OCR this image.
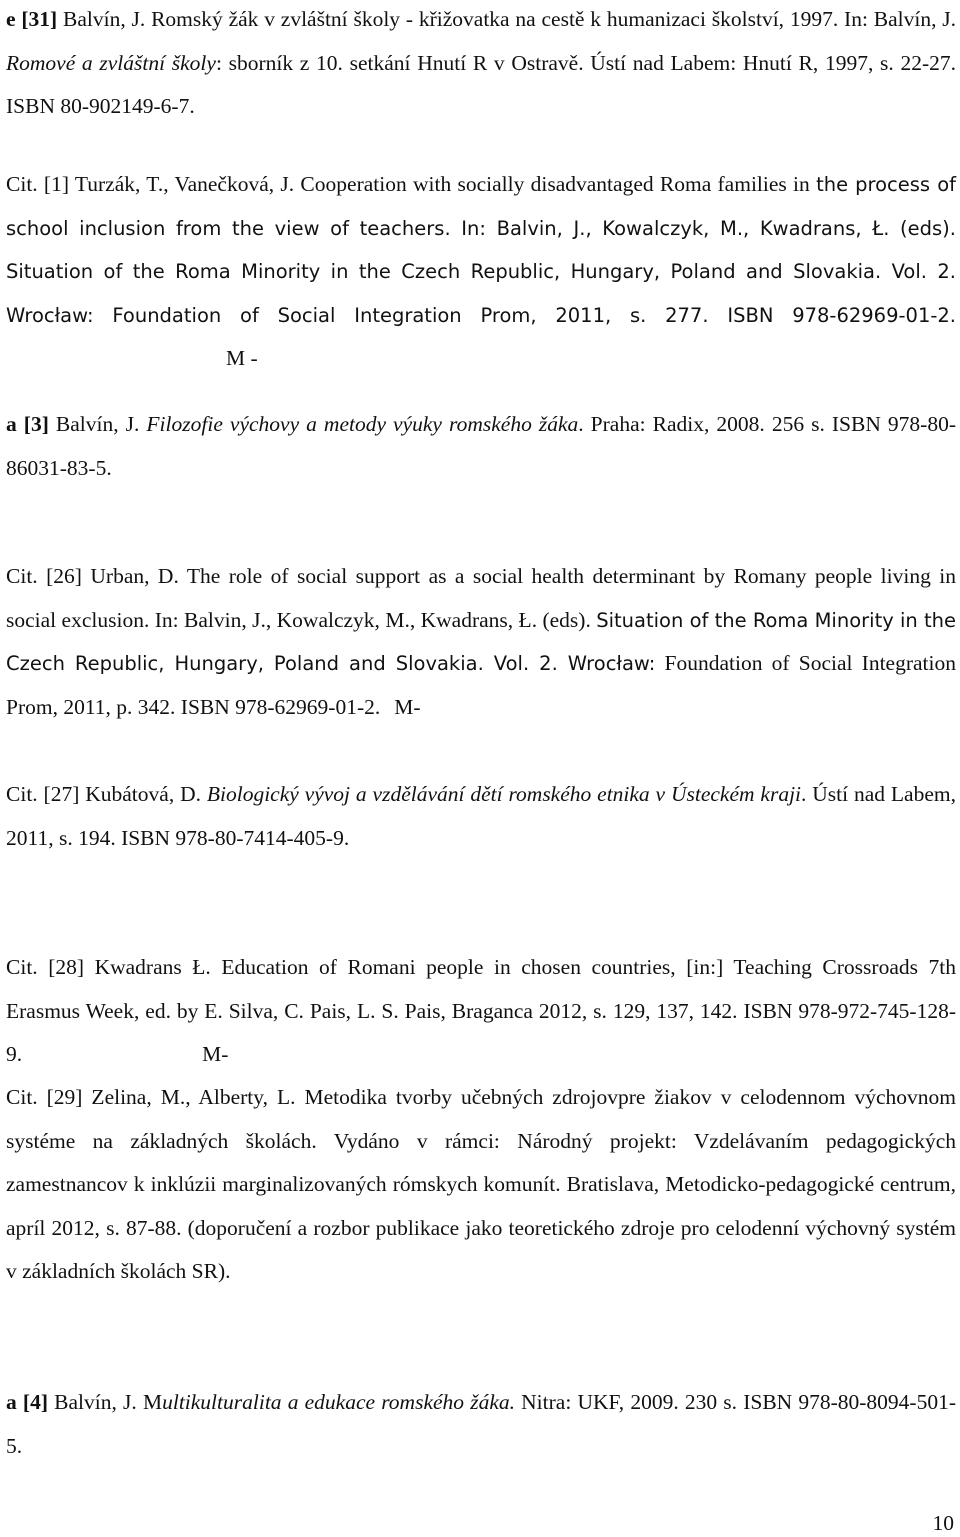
e [31] Balvín, J. Romský žák v zvláštní školy - křižovatka na cestě k humanizaci školství, 1997. In: Balvín, J. Romové a zvláštní školy: sborník z 10. setkání Hnutí R v Ostravě. Ústí nad Labem: Hnutí R, 1997, s. 22-27. ISBN 80-902149-6-7.
Cit. [1] Turzák, T., Vanečková, J. Cooperation with socially disadvantaged Roma families in the process of school inclusion from the view of teachers. In: Balvin, J., Kowalczyk, M., Kwadrans, Ł. (eds). Situation of the Roma Minority in the Czech Republic, Hungary, Poland and Slovakia. Vol. 2. Wrocław: Foundation of Social Integration Prom, 2011, s. 277. ISBN 978-62969-01-2.M -
a [3] Balvín, J. Filozofie výchovy a metody výuky romského žáka. Praha: Radix, 2008. 256 s. ISBN 978-80-86031-83-5.
Cit. [26] Urban, D. The role of social support as a social health determinant by Romany people living in social exclusion. In: Balvin, J., Kowalczyk, M., Kwadrans, Ł. (eds). Situation of the Roma Minority in the Czech Republic, Hungary, Poland and Slovakia. Vol. 2. Wrocław: Foundation of Social Integration Prom, 2011, p. 342. ISBN 978-62969-01-2. M-
Cit. [27] Kubátová, D. Biologický vývoj a vzdělávání dětí romského etnika v Ústeckém kraji. Ústí nad Labem, 2011, s. 194. ISBN 978-80-7414-405-9.
Cit. [28] Kwadrans Ł. Education of Romani people in chosen countries, [in:] Teaching Crossroads 7th Erasmus Week, ed. by E. Silva, C. Pais, L. S. Pais, Braganca 2012, s. 129, 137, 142. ISBN 978-972-745-128-9.	M-
Cit. [29] Zelina, M., Alberty, L. Metodika tvorby učebných zdrojovpre žiakov v celodennom výchovnom systéme na základných školách. Vydáno v rámci: Národný projekt: Vzdelávaním pedagogických zamestnancov k inklúzii marginalizovaných rómskych komunít. Bratislava, Metodicko-pedagogické centrum, apríl 2012, s. 87-88. (doporučení a rozbor publikace jako teoretického zdroje pro celodenní výchovný systém v základních školách SR).
a [4] Balvín, J. Multikulturalita a edukace romského žáka. Nitra: UKF, 2009. 230 s. ISBN 978-80-8094-501-5.
10
